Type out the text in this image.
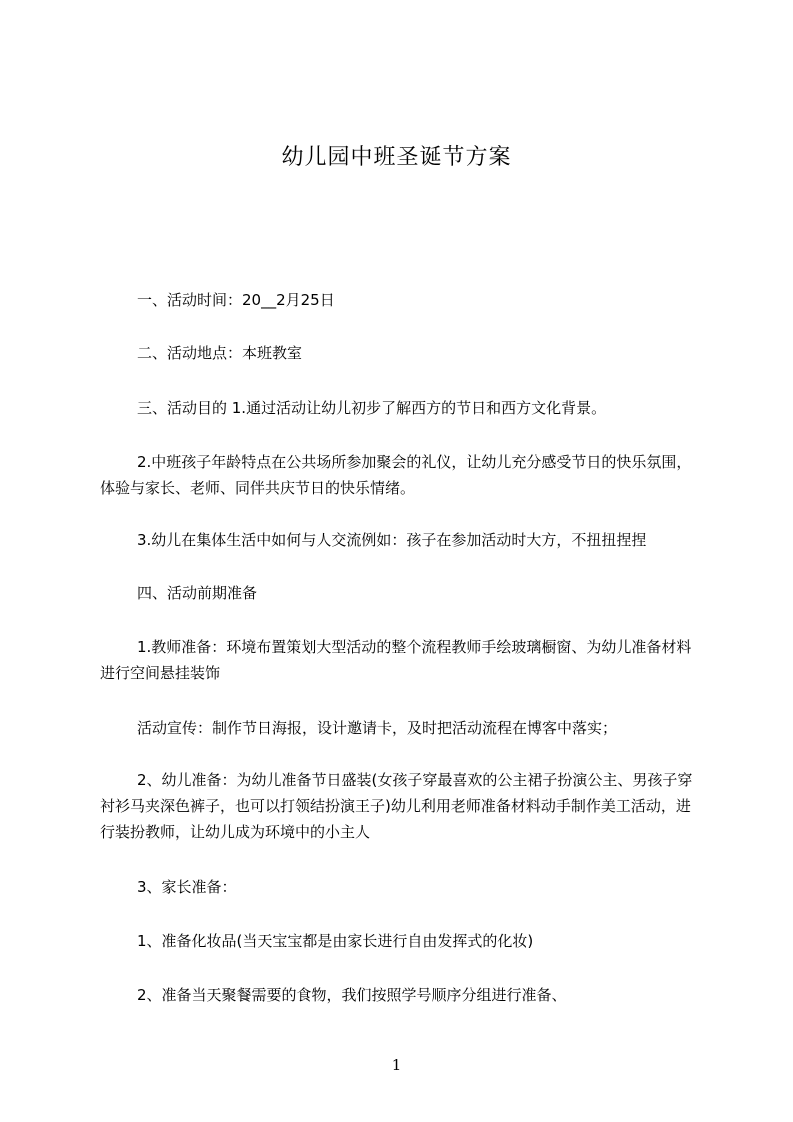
幼儿园中班圣诞节方案
一、活动时间：20__2月25日
二、活动地点：本班教室
三、活动目的 1.通过活动让幼儿初步了解西方的节日和西方文化背景。
2.中班孩子年龄特点在公共场所参加聚会的礼仪，让幼儿充分感受节日的快乐氛围，体验与家长、老师、同伴共庆节日的快乐情绪。
3.幼儿在集体生活中如何与人交流例如：孩子在参加活动时大方，不扭扭捏捏
四、活动前期准备
1.教师准备：环境布置策划大型活动的整个流程教师手绘玻璃橱窗、为幼儿准备材料进行空间悬挂装饰
活动宣传：制作节日海报，设计邀请卡，及时把活动流程在博客中落实；
2、幼儿准备：为幼儿准备节日盛装(女孩子穿最喜欢的公主裙子扮演公主、男孩子穿衬衫马夹深色裤子，也可以打领结扮演王子)幼儿利用老师准备材料动手制作美工活动，进行装扮教师，让幼儿成为环境中的小主人
3、家长准备：
1、准备化妆品(当天宝宝都是由家长进行自由发挥式的化妆)
2、准备当天聚餐需要的食物，我们按照学号顺序分组进行准备、
1
